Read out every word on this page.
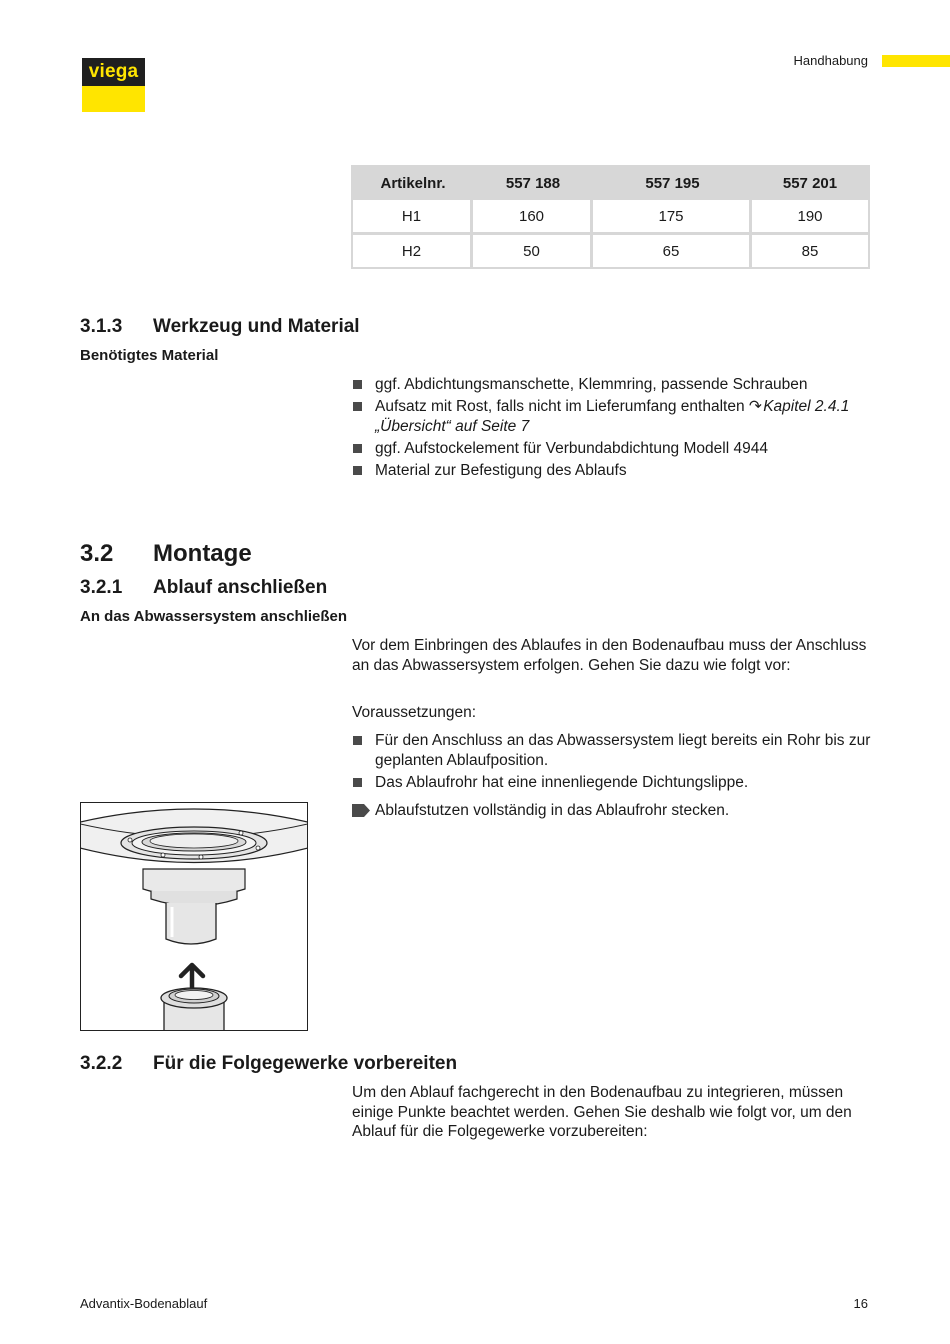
viega
Handhabung
Artikelnr.	557 188	557 195	557 201
H1	160	175	190
H2	50	65	85
3.1.3 Werkzeug und Material
Benötigtes Material
ggf. Abdichtungsmanschette, Klemmring, passende Schrauben
Aufsatz mit Rost, falls nicht im Lieferumfang enthalten ↷ Kapitel 2.4.1 „Übersicht“ auf Seite 7
ggf. Aufstockelement für Verbundabdichtung Modell 4944
Material zur Befestigung des Ablaufs
3.2 Montage
3.2.1 Ablauf anschließen
An das Abwassersystem anschließen
Vor dem Einbringen des Ablaufes in den Bodenaufbau muss der Anschluss an das Abwassersystem erfolgen. Gehen Sie dazu wie folgt vor:
Voraussetzungen:
Für den Anschluss an das Abwassersystem liegt bereits ein Rohr bis zur geplanten Ablaufposition.
Das Ablaufrohr hat eine innenliegende Dichtungslippe.
Ablaufstutzen vollständig in das Ablaufrohr stecken.
3.2.2 Für die Folgegewerke vorbereiten
Um den Ablauf fachgerecht in den Bodenaufbau zu integrieren, müssen einige Punkte beachtet werden. Gehen Sie deshalb wie folgt vor, um den Ablauf für die Folgegewerke vorzubereiten:
Advantix-Bodenablauf	16
